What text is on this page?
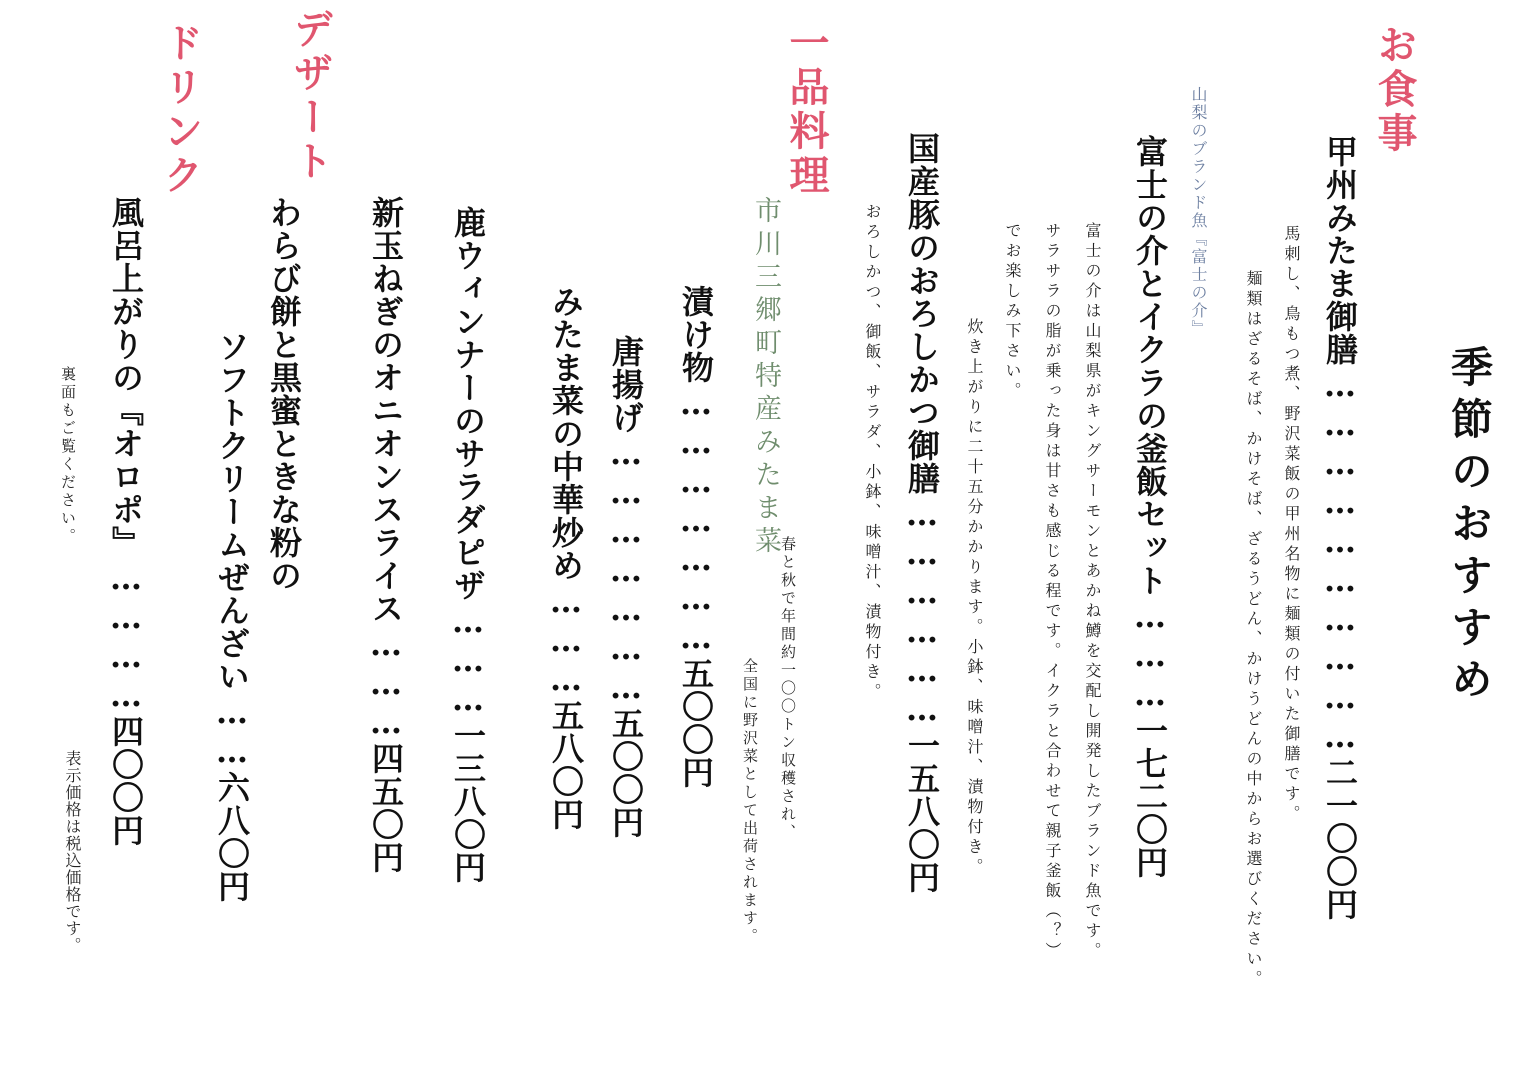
季節のおすすめ
お食事
甲州みたま御膳…………………………二一〇〇円
馬刺し、鳥もつ煮、野沢菜飯の甲州名物に麺類の付いた御膳です。
麺類はざるそば、かけそば、ざるうどん、かけうどんの中からお選びください。
山梨のブランド魚『富士の介』
富士の介とイクラの釜飯セット………一七二〇円
富士の介は山梨県がキングサーモンとあかね鱒を交配し開発したブランド魚です。
サラサラの脂が乗った身は甘さも感じる程です。イクラと合わせて親子釜飯（？）
でお楽しみ下さい。
炊き上がりに二十五分かかります。小鉢、味噌汁、漬物付き。
国産豚のおろしかつ御膳………………一五八〇円
おろしかつ、御飯、サラダ、小鉢、味噌汁、漬物付き。
一品料理
市川三郷町特産みたま菜
春と秋で年間約一〇〇トン収穫され、
全国に野沢菜として出荷されます。
漬け物…………………五〇〇円
唐揚げ…………………五〇〇円
みたま菜の中華炒め………五八〇円
鹿ウィンナーのサラダピザ………一三八〇円
新玉ねぎのオニオンスライス………四五〇円
デザート
わらび餅と黒蜜ときな粉の
ソフトクリームぜんざい……六八〇円
ドリンク
風呂上がりの『オロポ』…………四〇〇円
裏面もご覧ください。
表示価格は税込価格です。
